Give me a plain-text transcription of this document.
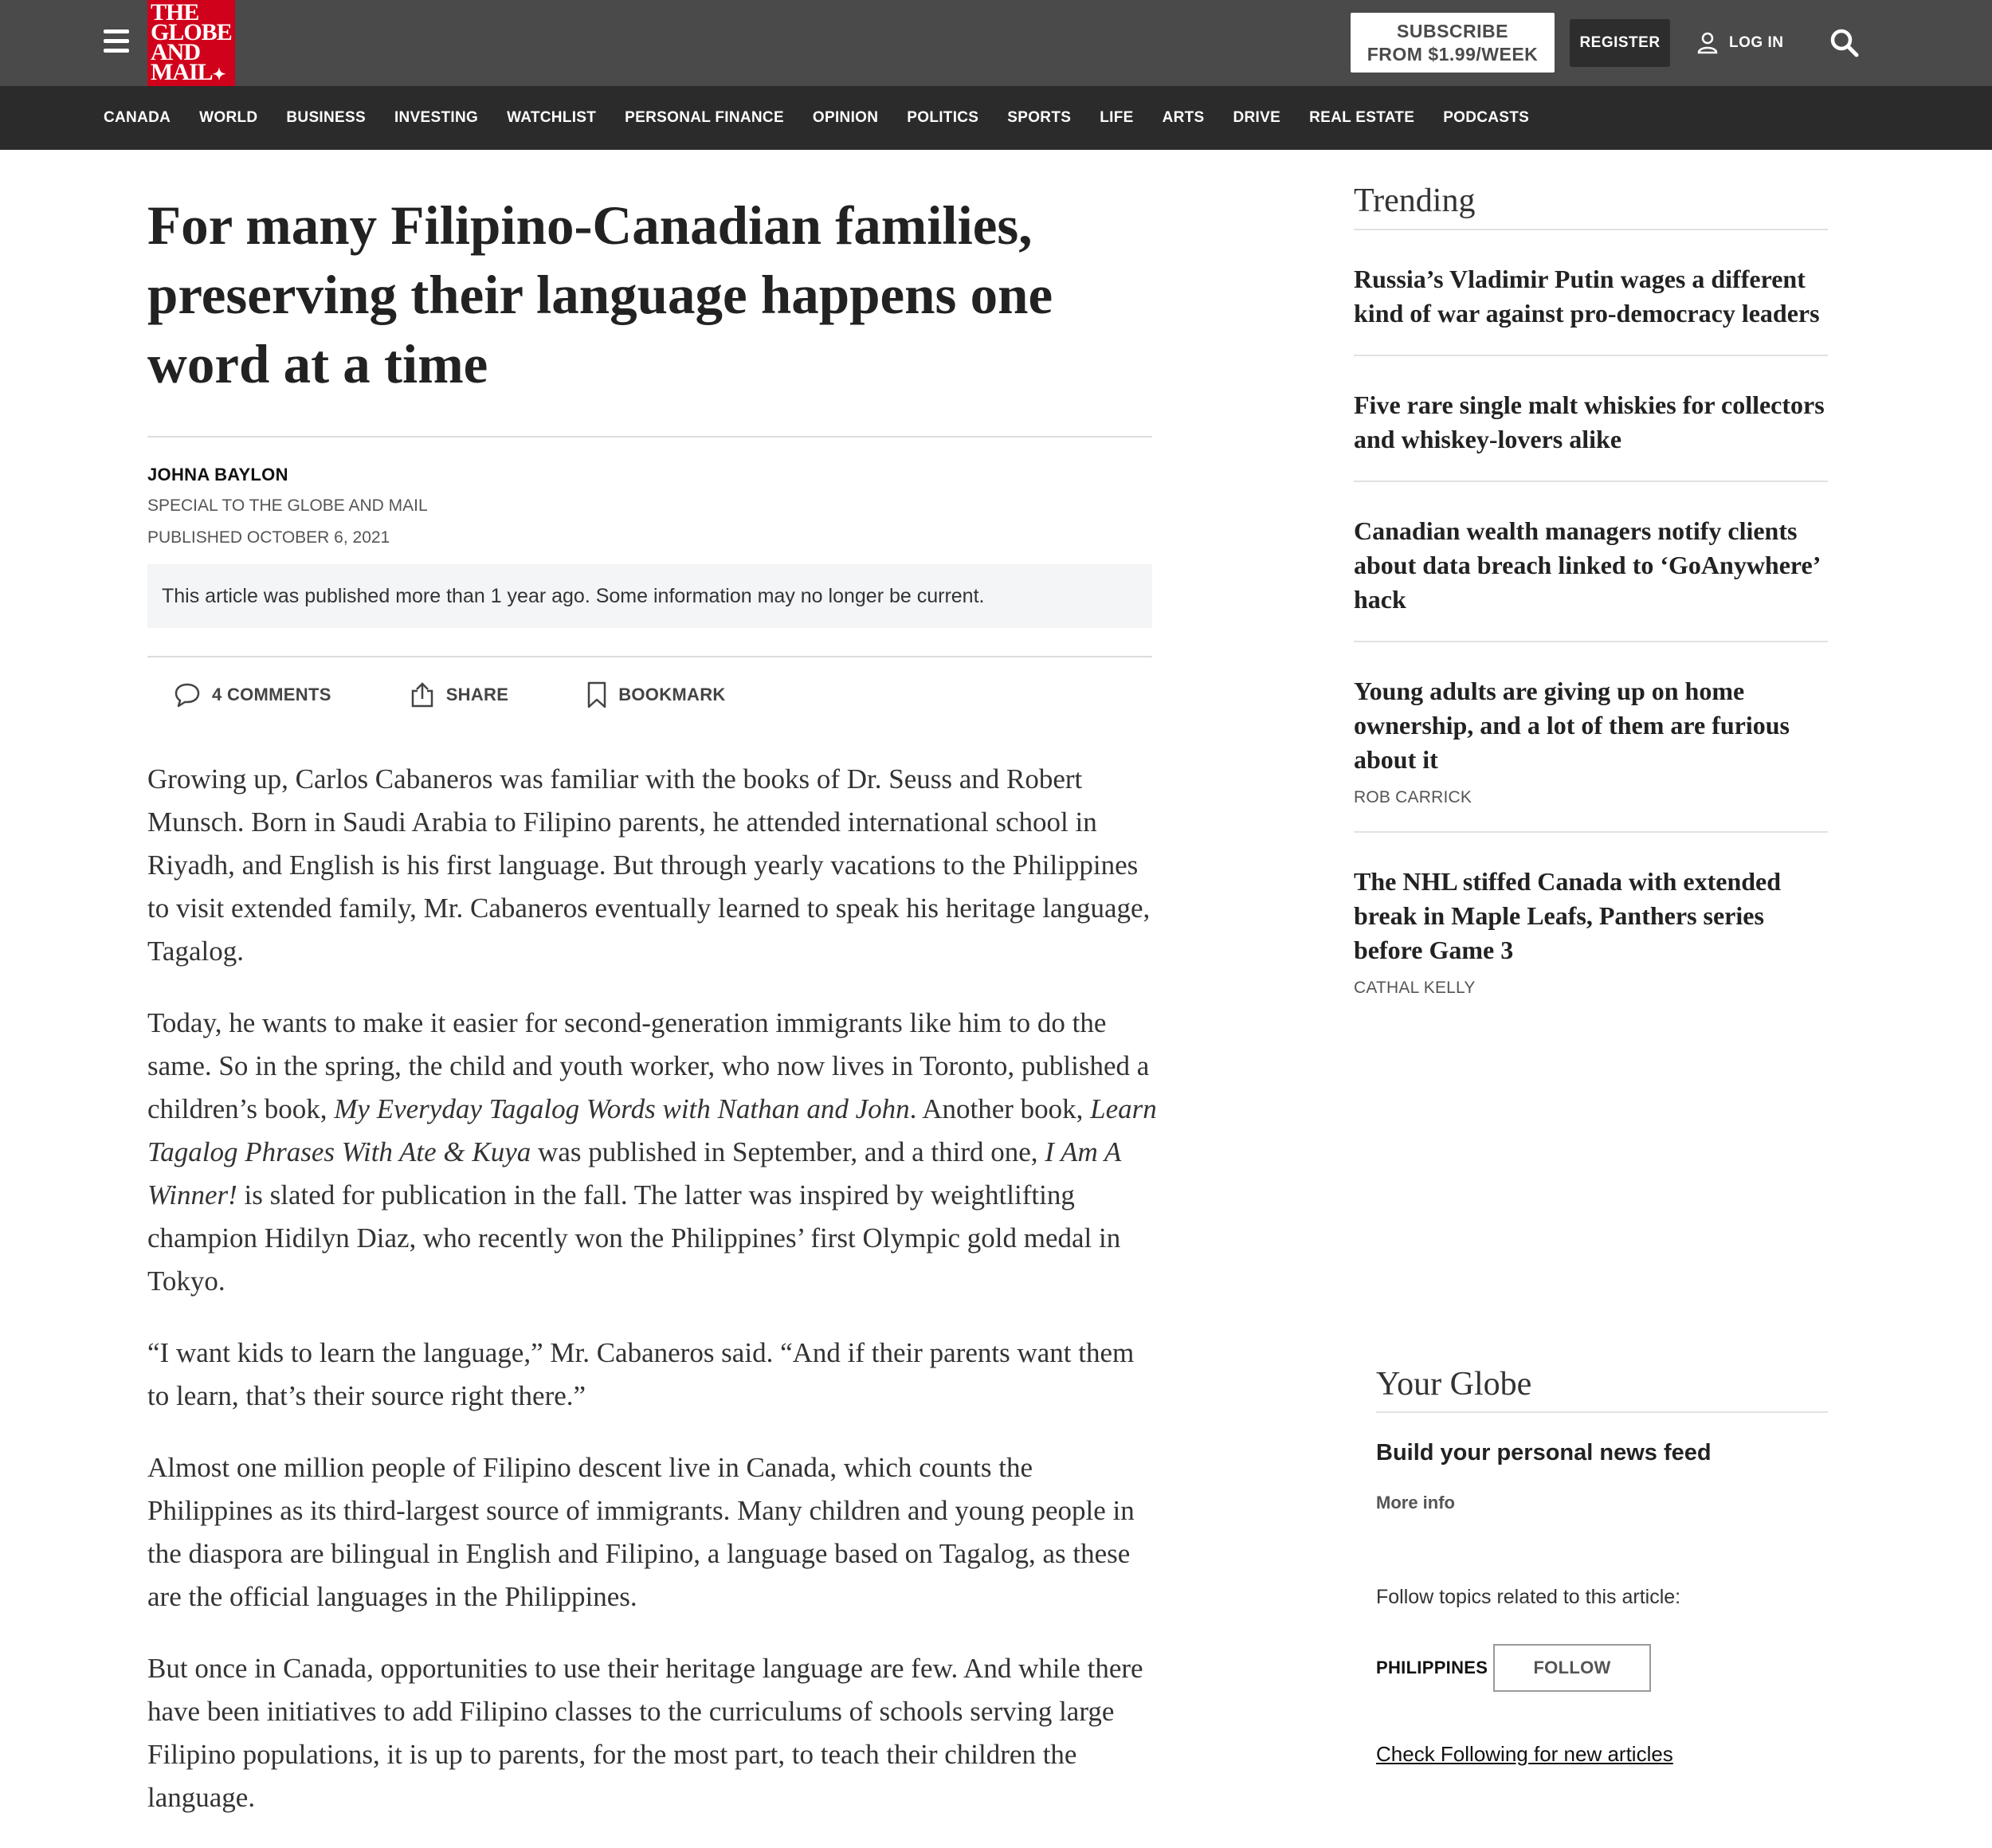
THE
GLOBE
AND
MAIL✦
SUBSCRIBE
FROM $1.99/WEEK
REGISTER	LOG IN
CANADA WORLD BUSINESS INVESTING WATCHLIST PERSONAL FINANCE OPINION POLITICS SPORTS LIFE ARTS DRIVE REAL ESTATE PODCASTS
For many Filipino-Canadian families, preserving their language happens one word at a time
JOHNA BAYLON
SPECIAL TO THE GLOBE AND MAIL
PUBLISHED OCTOBER 6, 2021
This article was published more than 1 year ago. Some information may no longer be current.
4 COMMENTS	SHARE	BOOKMARK

Growing up, Carlos Cabaneros was familiar with the books of Dr. Seuss and Robert Munsch. Born in Saudi Arabia to Filipino parents, he attended international school in Riyadh, and English is his first language. But through yearly vacations to the Philippines to visit extended family, Mr. Cabaneros eventually learned to speak his heritage language, Tagalog.

Today, he wants to make it easier for second-generation immigrants like him to do the same. So in the spring, the child and youth worker, who now lives in Toronto, published a children’s book, My Everyday Tagalog Words with Nathan and John. Another book, Learn Tagalog Phrases With Ate & Kuya was published in September, and a third one, I Am A Winner! is slated for publication in the fall. The latter was inspired by weightlifting champion Hidilyn Diaz, who recently won the Philippines’ first Olympic gold medal in Tokyo.

“I want kids to learn the language,” Mr. Cabaneros said. “And if their parents want them to learn, that’s their source right there.”

Almost one million people of Filipino descent live in Canada, which counts the Philippines as its third-largest source of immigrants. Many children and young people in the diaspora are bilingual in English and Filipino, a language based on Tagalog, as these are the official languages in the Philippines.

But once in Canada, opportunities to use their heritage language are few. And while there have been initiatives to add Filipino classes to the curriculums of schools serving large Filipino populations, it is up to parents, for the most part, to teach their children the language.

Trending
Russia’s Vladimir Putin wages a different kind of war against pro-democracy leaders
Five rare single malt whiskies for collectors and whiskey-lovers alike
Canadian wealth managers notify clients about data breach linked to ‘GoAnywhere’ hack
Young adults are giving up on home ownership, and a lot of them are furious about it
ROB CARRICK
The NHL stiffed Canada with extended break in Maple Leafs, Panthers series before Game 3
CATHAL KELLY
Your Globe
Build your personal news feed
More info
Follow topics related to this article:
PHILIPPINES	FOLLOW
Check Following for new articles
